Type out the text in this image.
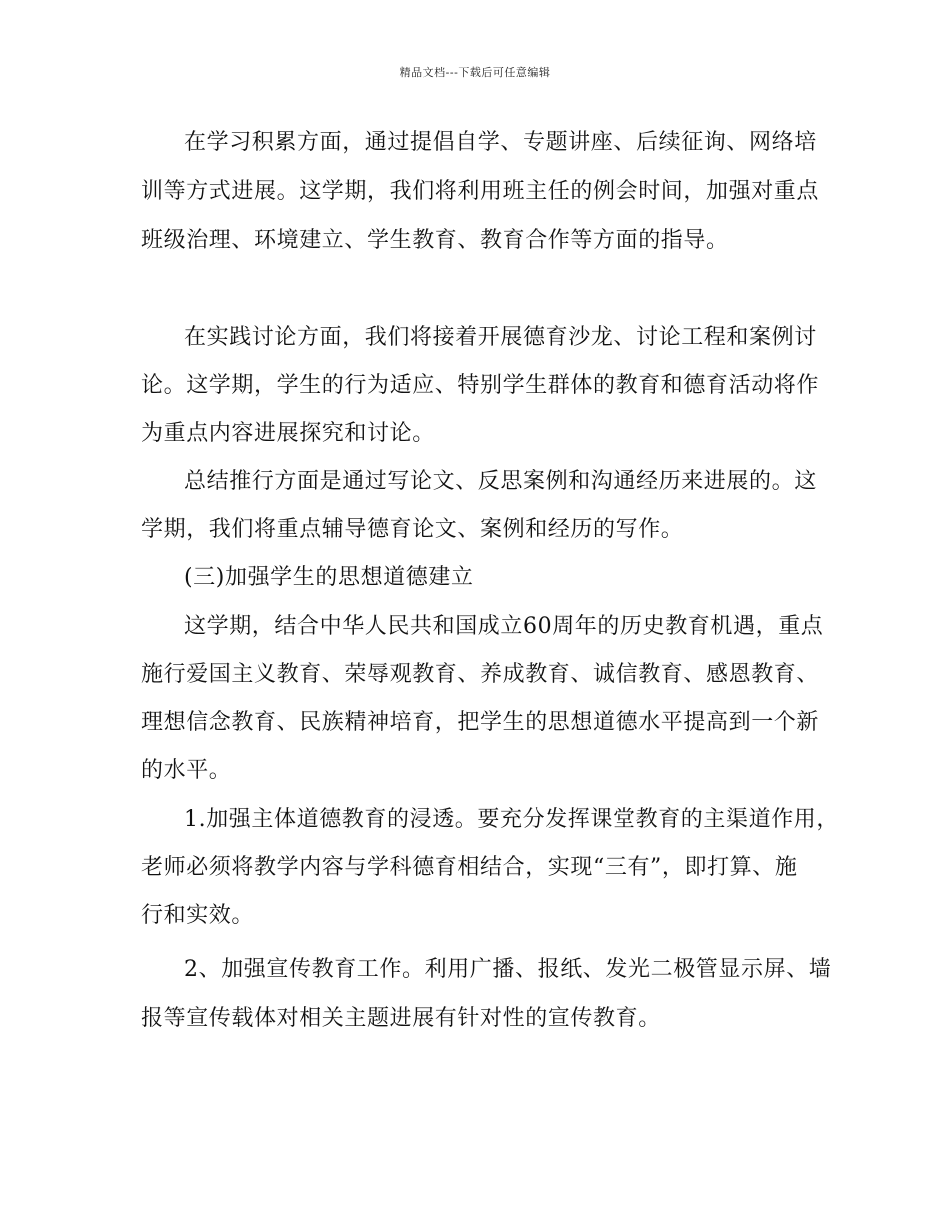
精品文档---下载后可任意编辑
在学习积累方面，通过提倡自学、专题讲座、后续征询、网络培
训等方式进展。这学期，我们将利用班主任的例会时间，加强对重点
班级治理、环境建立、学生教育、教育合作等方面的指导。
在实践讨论方面，我们将接着开展德育沙龙、讨论工程和案例讨
论。这学期，学生的行为适应、特别学生群体的教育和德育活动将作
为重点内容进展探究和讨论。
总结推行方面是通过写论文、反思案例和沟通经历来进展的。这
学期，我们将重点辅导德育论文、案例和经历的写作。
(三)加强学生的思想道德建立
这学期，结合中华人民共和国成立60周年的历史教育机遇，重点
施行爱国主义教育、荣辱观教育、养成教育、诚信教育、感恩教育、
理想信念教育、民族精神培育，把学生的思想道德水平提高到一个新
的水平。
1.加强主体道德教育的浸透。要充分发挥课堂教育的主渠道作用，
老师必须将教学内容与学科德育相结合，实现“三有”，即打算、施
行和实效。
2、加强宣传教育工作。利用广播、报纸、发光二极管显示屏、墙
报等宣传载体对相关主题进展有针对性的宣传教育。
